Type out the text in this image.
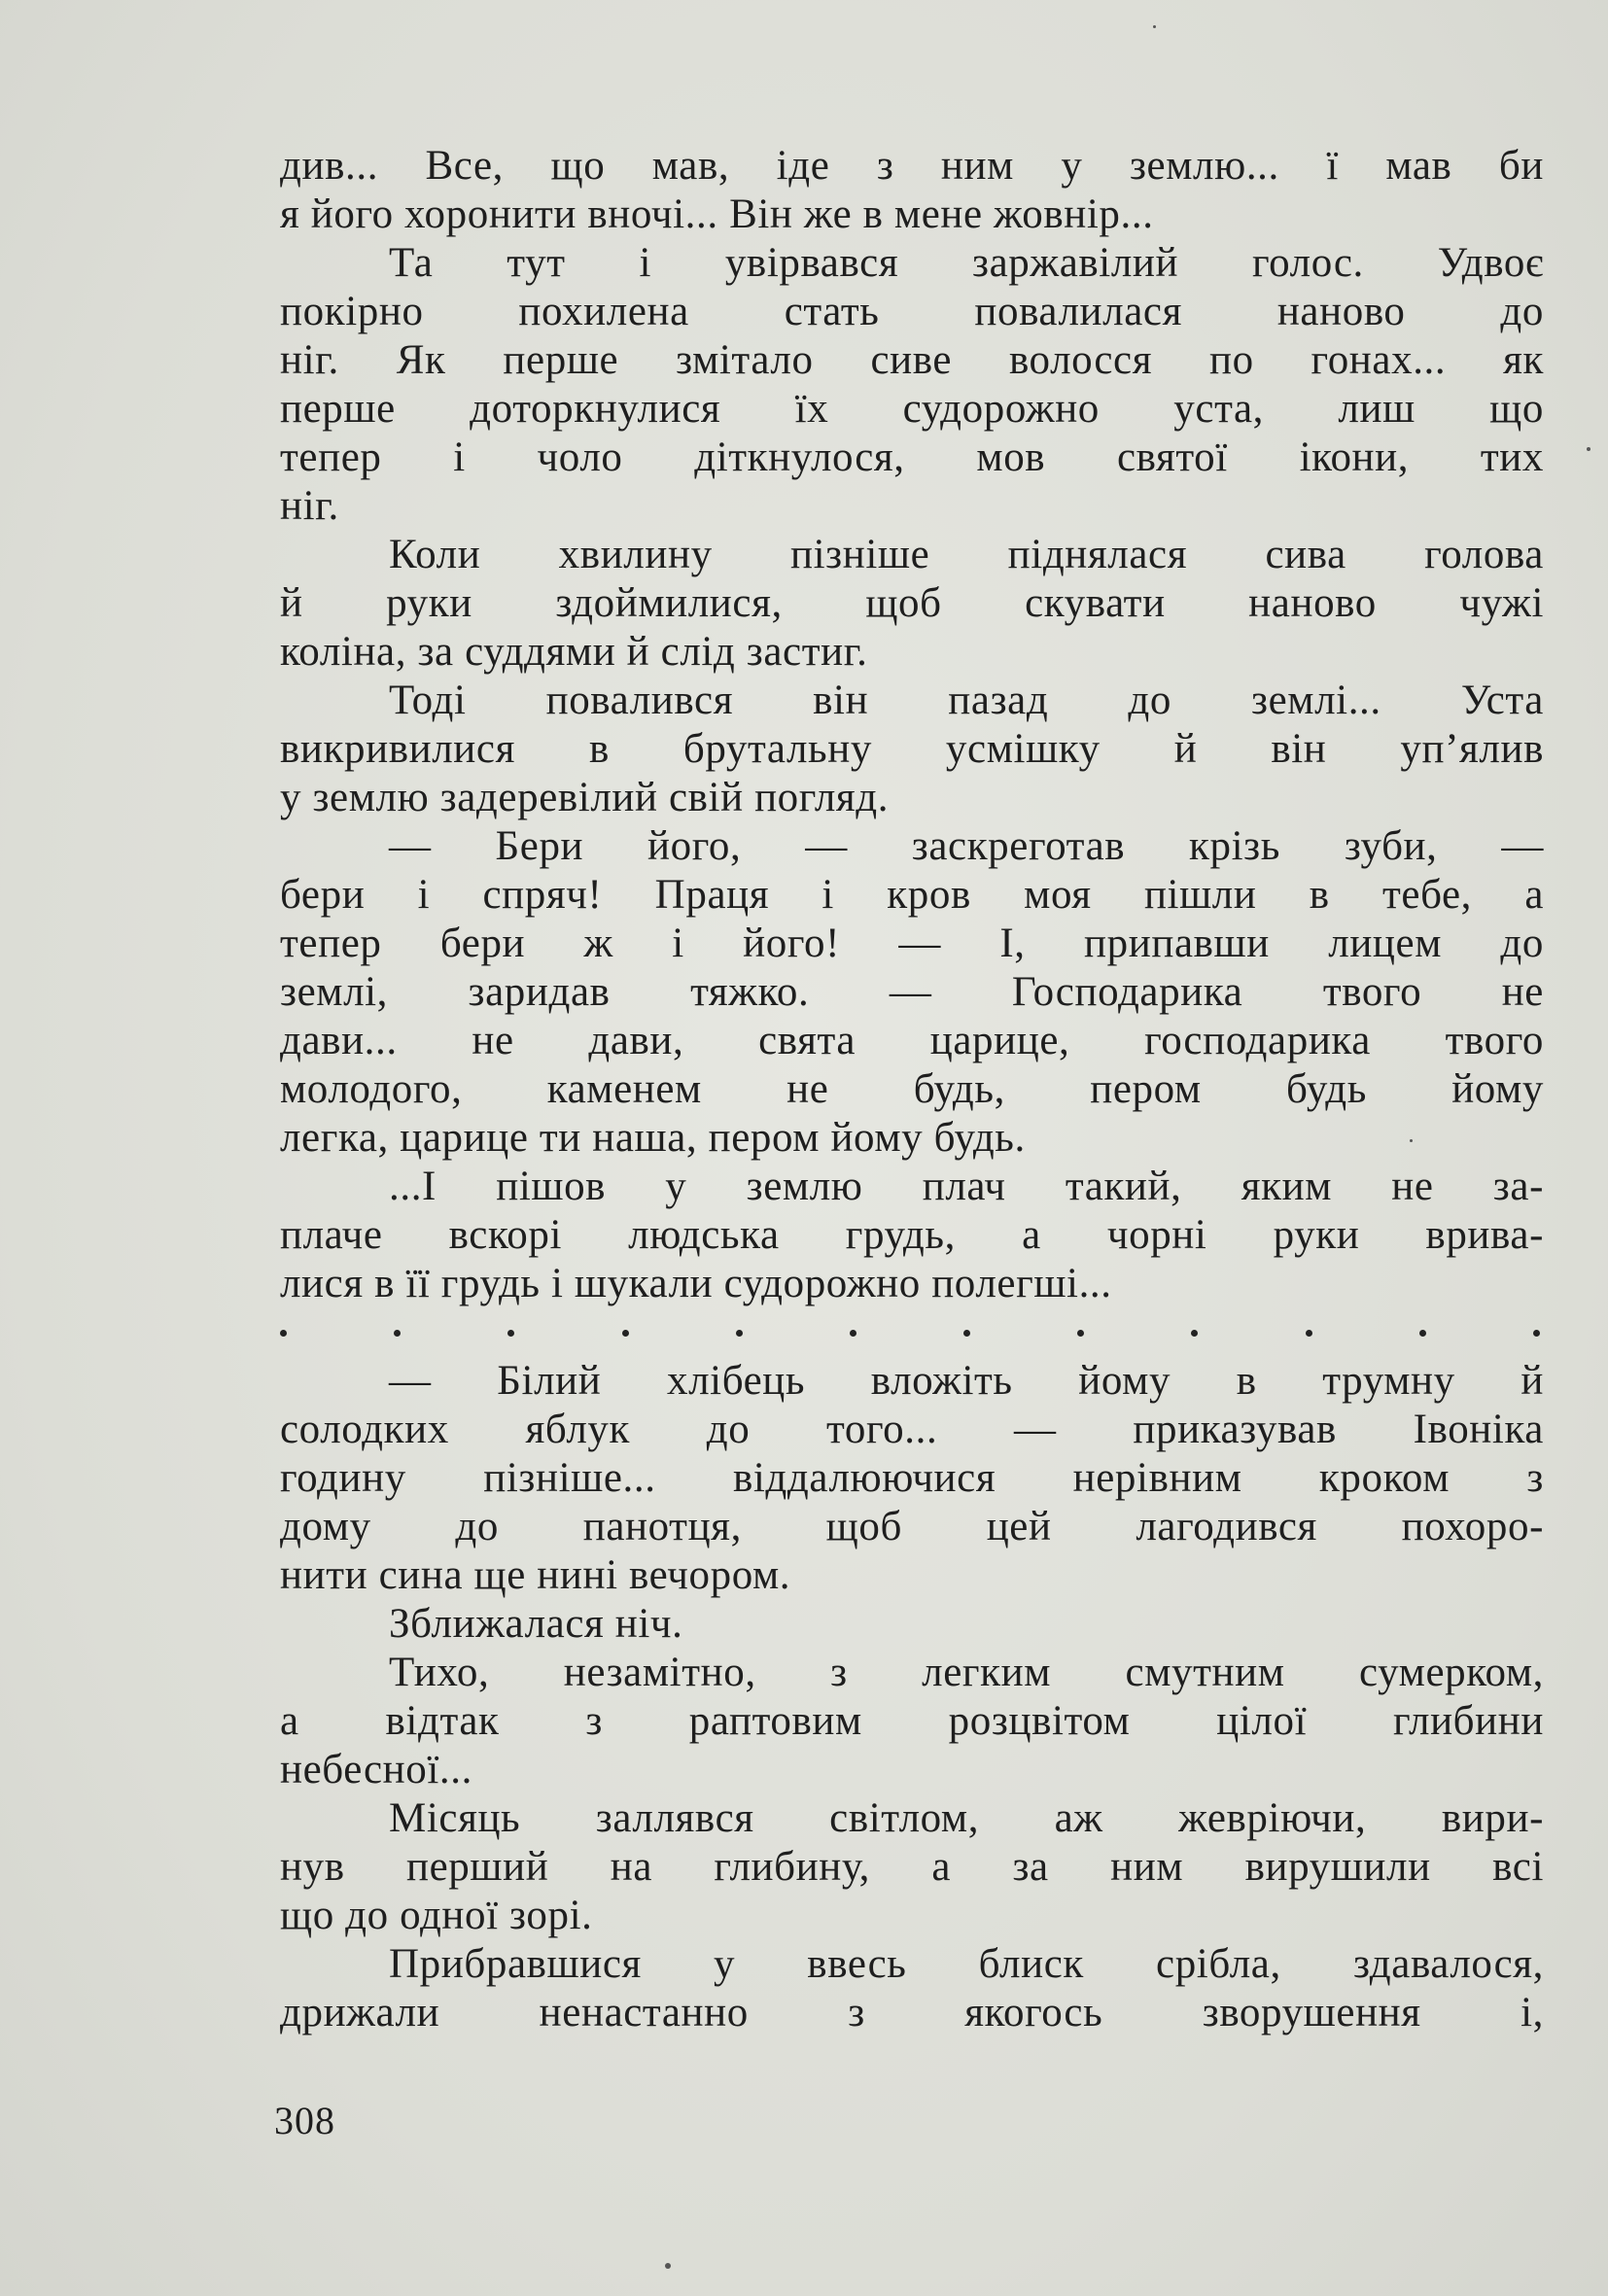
див... Все, що мав, іде з ним у землю... ї мав би
я його хоронити вночі... Він же в мене жовнір...
Та тут і увірвався заржавілий голос. Удвоє
покірно похилена стать повалилася наново до
ніг. Як перше змітало сиве волосся по гонах... як
перше доторкнулися їх судорожно уста, лиш що
тепер і чоло діткнулося, мов святої ікони, тих
ніг.
Коли хвилину пізніше піднялася сива голова
й руки здоймилися, щоб скувати наново чужі
коліна, за суддями й слід застиг.
Тоді повалився він пазад до землі... Уста
викривилися в брутальну усмішку й він уп’ялив
у землю задеревілий свій погляд.
— Бери його, — заскреготав крізь зуби, —
бери і спряч! Праця і кров моя пішли в тебе, а
тепер бери ж і його! — І, припавши лицем до
землі, заридав тяжко. — Господарика твого не
дави... не дави, свята царице, господарика твого
молодого, каменем не будь, пером будь йому
легка, царице ти наша, пером йому будь.
...І пішов у землю плач такий, яким не за-
плаче вскорі людська грудь, а чорні руки врива-
лися в її грудь і шукали судорожно полегші...
— Білий хлібець вложіть йому в трумну й
солодких яблук до того... — приказував Івоніка
годину пізніше... віддалюючися нерівним кроком з
дому до панотця, щоб цей лагодився похоро-
нити сина ще нині вечором.
Зближалася ніч.
Тихо, незамітно, з легким смутним сумерком,
а відтак з раптовим розцвітом цілої глибини
небесної...
Місяць заллявся світлом, аж жевріючи, вири-
нув перший на глибину, а за ним вирушили всі
що до одної зорі.
Прибравшися у ввесь блиск срібла, здавалося,
дрижали ненастанно з якогось зворушення і,
308
